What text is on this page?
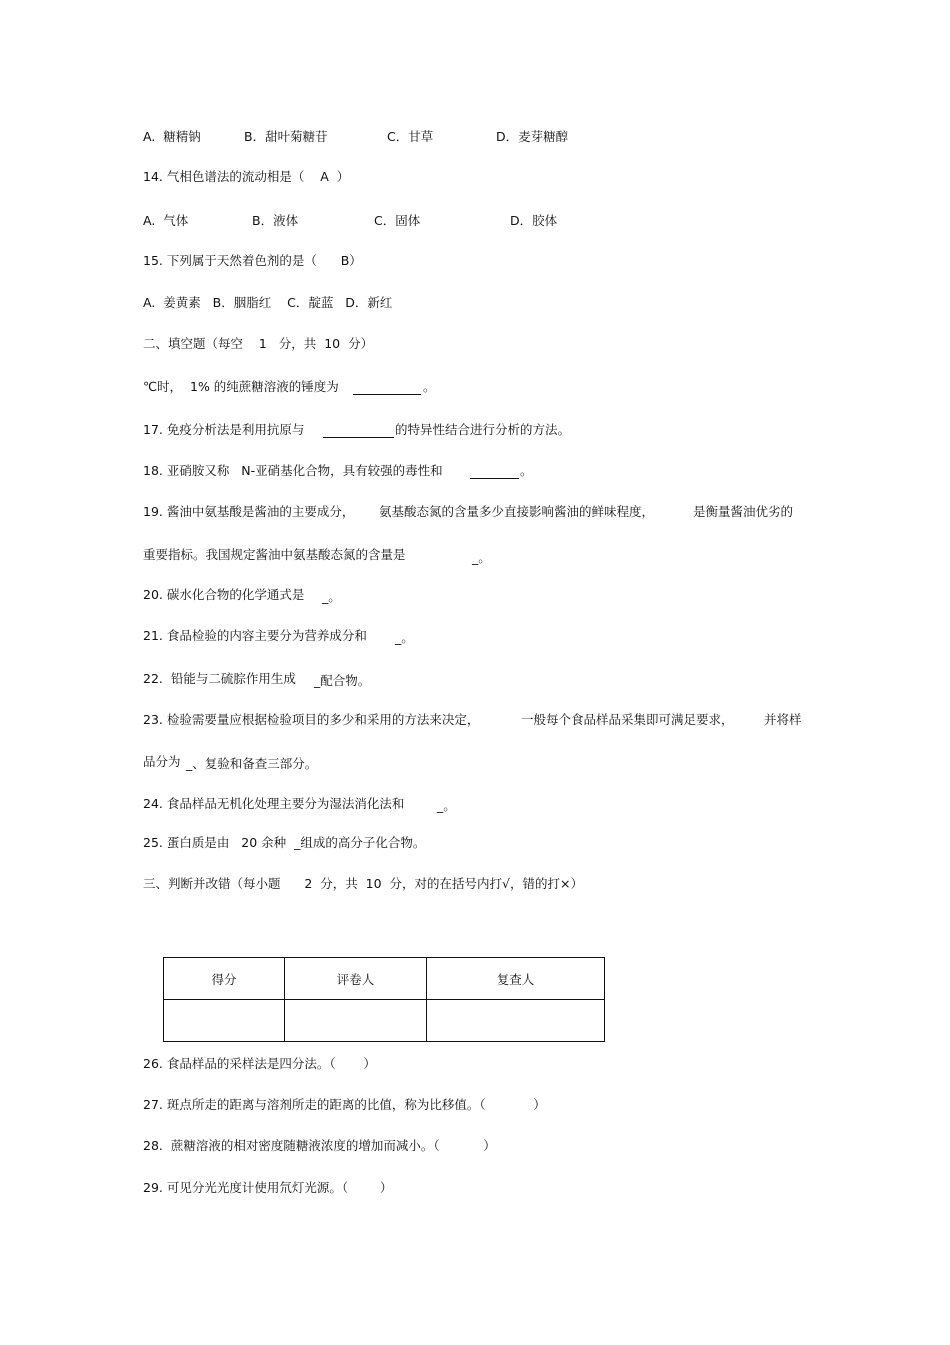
A.  糖精钠	B．甜叶菊糖苷	C．甘草	D．麦芽糖醇
14. 气相色谱法的流动相是（    A  ）
A.  气体	B．液体	C．固体	D．胶体
15. 下列属于天然着色剂的是（      B）
A.  姜黄素   B．胭脂红    C．靛蓝   D．新红
二、填空题（每空    1   分，共  10  分）
℃时，  1% 的纯蔗糖溶液的锤度为	。
17. 免疫分析法是利用抗原与	的特异性结合进行分析的方法。
18. 亚硝胺又称   N-亚硝基化合物，具有较强的毒性和	。
19. 酱油中氨基酸是酱油的主要成分， 氨基酸态氮的含量多少直接影响酱油的鲜味程度，	是衡量酱油优劣的
重要指标。我国规定酱油中氨基酸态氮的含量是	_。
20. 碳水化合物的化学通式是 _。
21. 食品检验的内容主要分为营养成分和 _。
22.  铅能与二硫腙作用生成 _配合物。
23. 检验需要量应根据检验项目的多少和采用的方法来决定，	一般每个食品样品采集即可满足要求， 并将样
品分为 _、复验和备查三部分。
24. 食品样品无机化处理主要分为湿法消化法和	_。
25. 蛋白质是由   20 余种  _组成的高分子化合物。
三、判断并改错（每小题      2  分，共  10  分，对的在括号内打√，错的打×）
得分	评卷人	复查人

26. 食品样品的采样法是四分法。（       ）
27. 斑点所走的距离与溶剂所走的距离的比值，称为比移值。（            ）
28.  蔗糖溶液的相对密度随糖液浓度的增加而减小。（           ）
29. 可见分光光度计使用氘灯光源。（        ）
